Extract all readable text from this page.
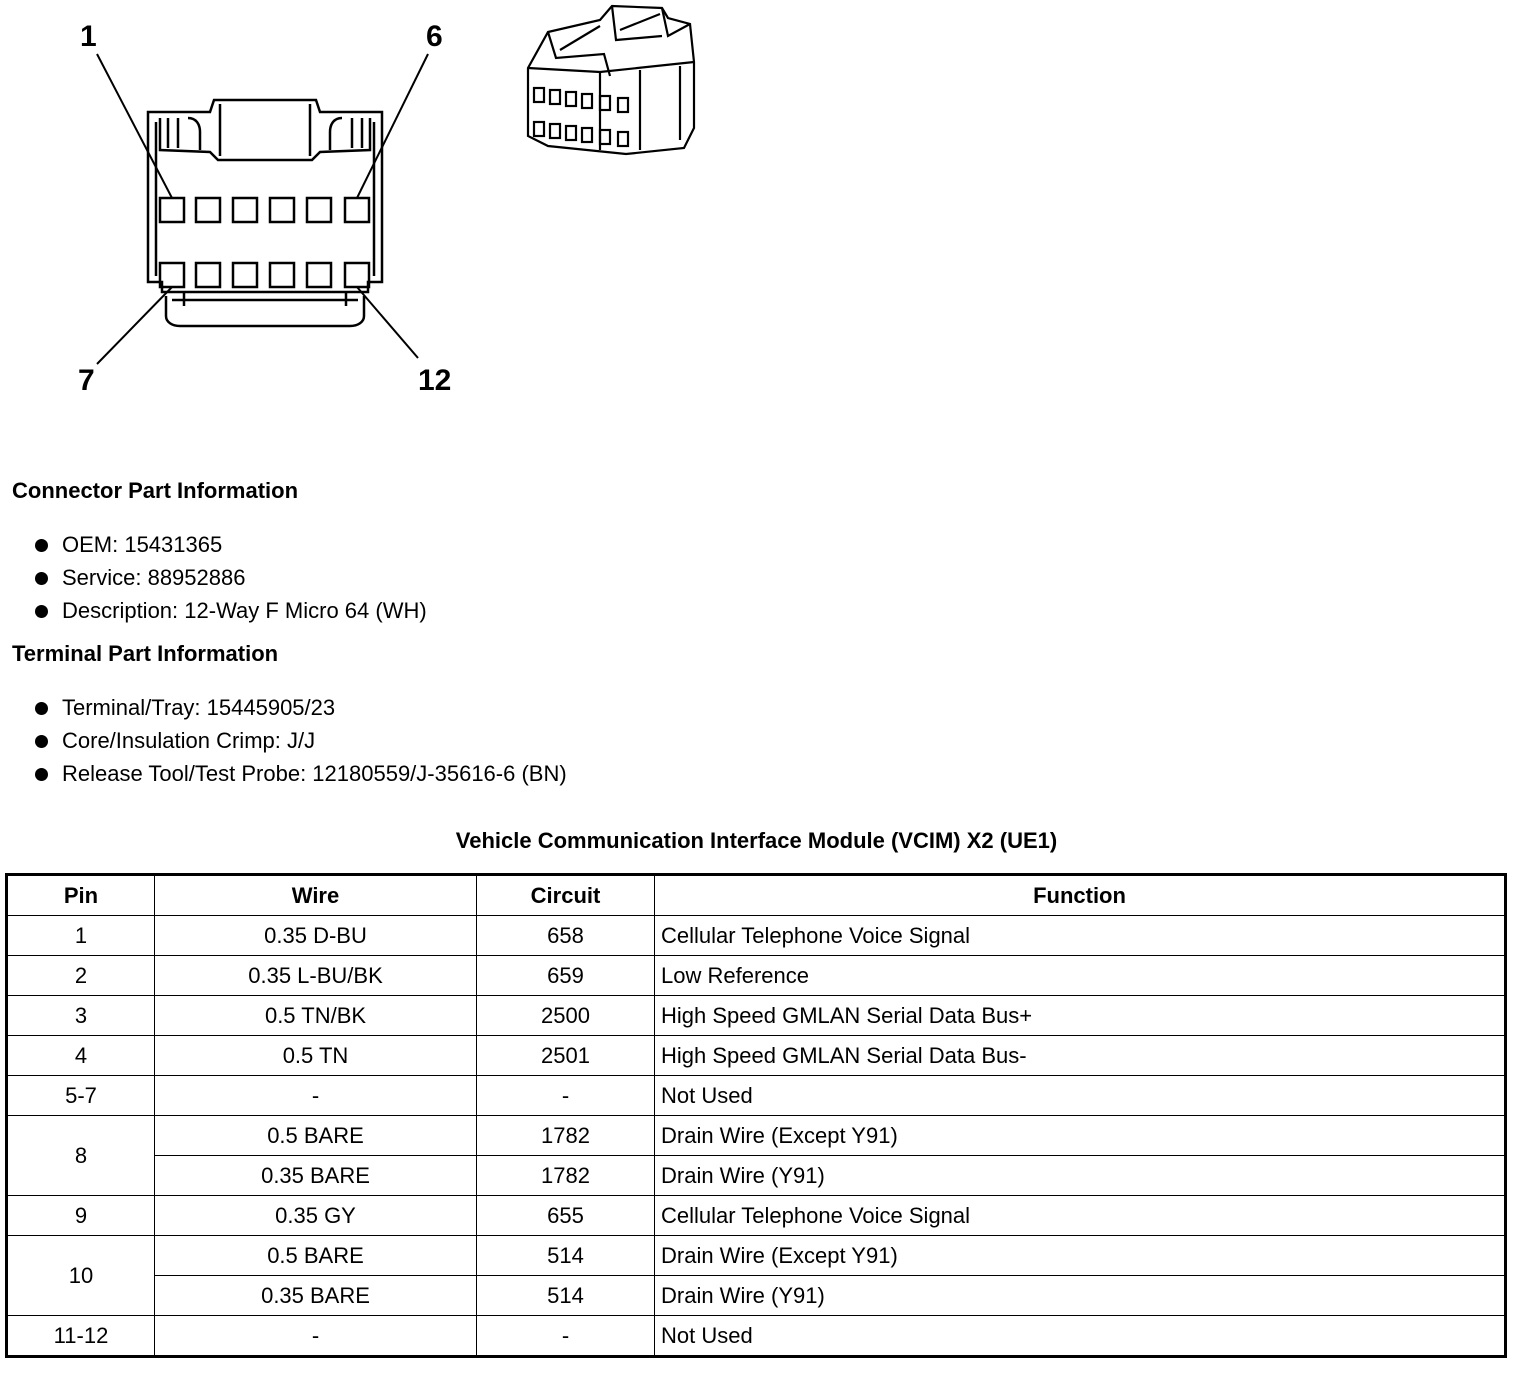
1	6
7	12
Connector Part Information
OEM: 15431365
Service: 88952886
Description: 12-Way F Micro 64 (WH)
Terminal Part Information
Terminal/Tray: 15445905/23
Core/Insulation Crimp: J/J
Release Tool/Test Probe: 12180559/J-35616-6 (BN)
Vehicle Communication Interface Module (VCIM) X2 (UE1)
Pin	Wire	Circuit	Function
1	0.35 D-BU	658	Cellular Telephone Voice Signal
2	0.35 L-BU/BK	659	Low Reference
3	0.5 TN/BK	2500	High Speed GMLAN Serial Data Bus+
4	0.5 TN	2501	High Speed GMLAN Serial Data Bus-
5-7	-	-	Not Used
8	0.5 BARE	1782	Drain Wire (Except Y91)
	0.35 BARE	1782	Drain Wire (Y91)
9	0.35 GY	655	Cellular Telephone Voice Signal
10	0.5 BARE	514	Drain Wire (Except Y91)
	0.35 BARE	514	Drain Wire (Y91)
11-12	-	-	Not Used
